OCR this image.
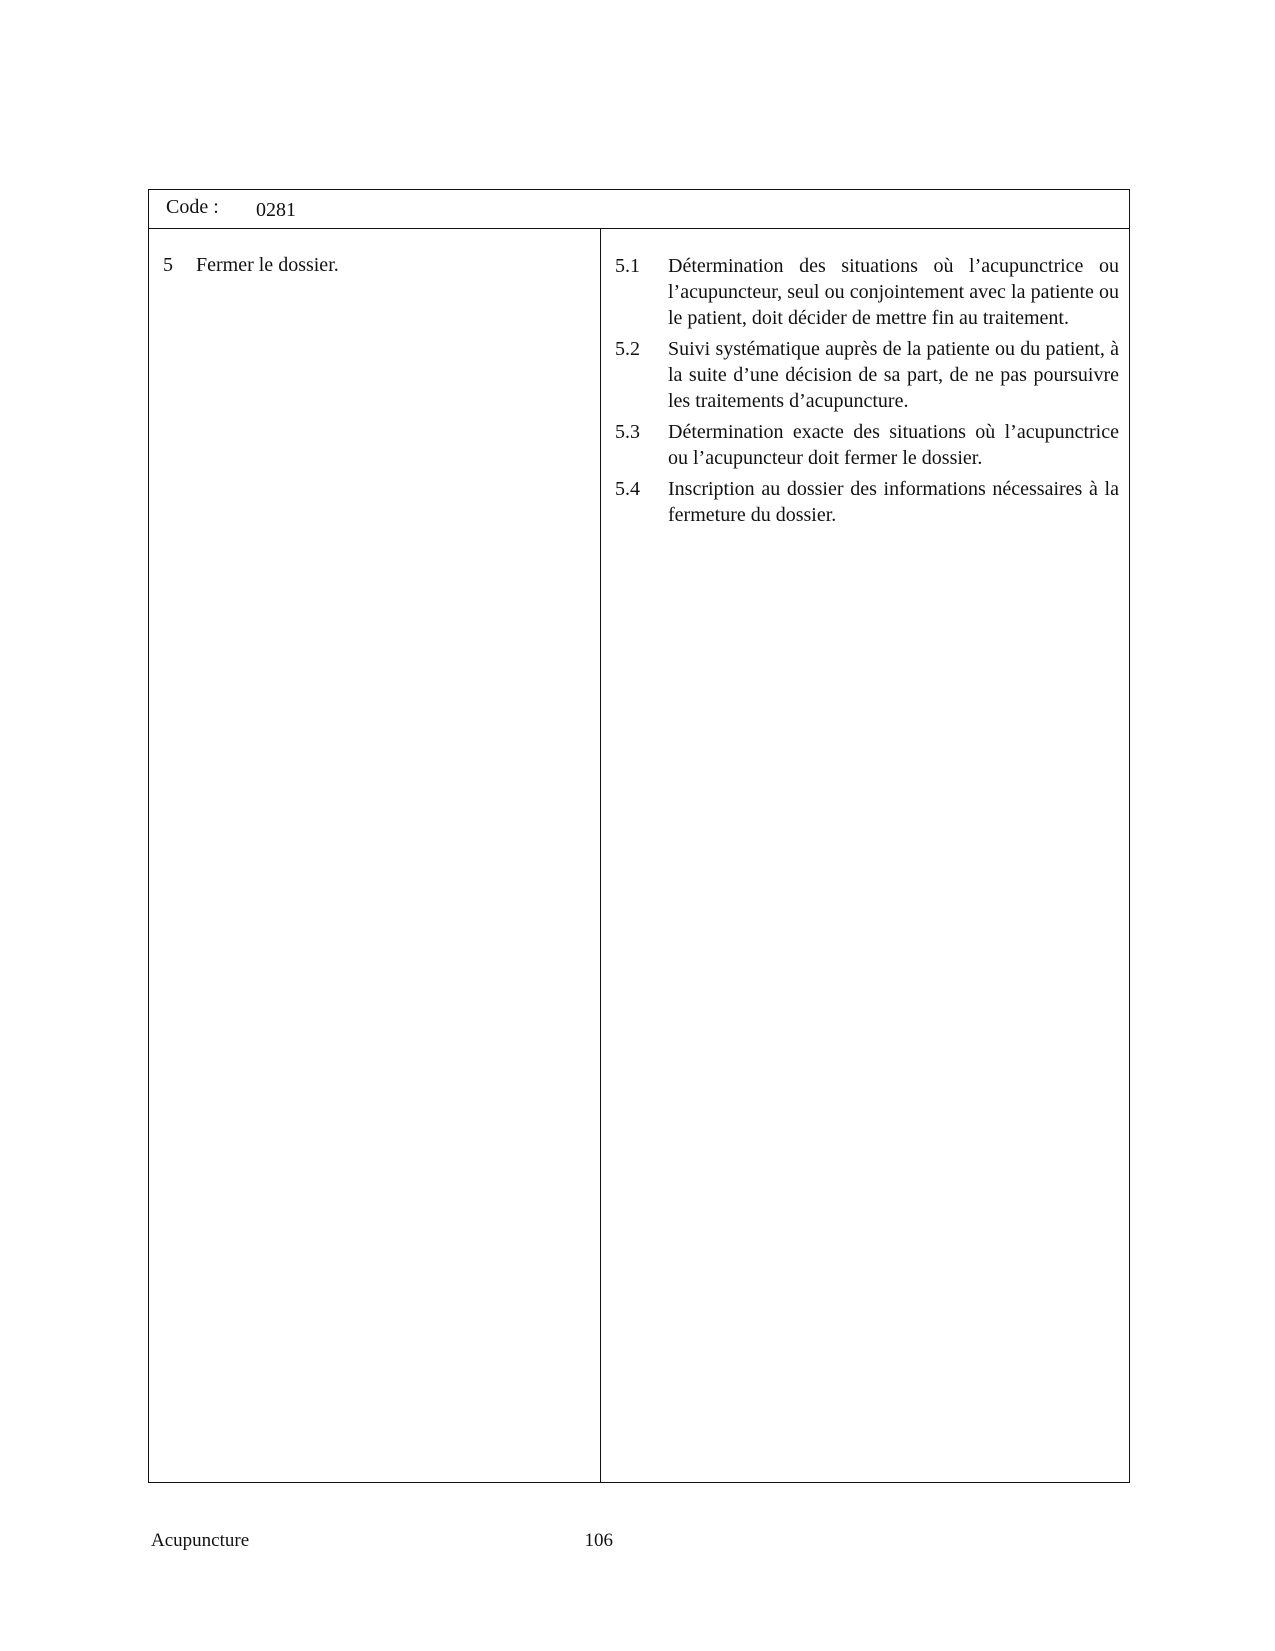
Code : 0281
5 Fermer le dossier.	5.1	Détermination des situations où l’acupunctrice ou l’acupuncteur, seul ou conjointement avec la patiente ou le patient, doit décider de mettre fin au traitement.
5.2	Suivi systématique auprès de la patiente ou du patient, à la suite d’une décision de sa part, de ne pas poursuivre les traitements d’acupuncture.
5.3	Détermination exacte des situations où l’acupunctrice ou l’acupuncteur doit fermer le dossier.
5.4	Inscription au dossier des informations nécessaires à la fermeture du dossier.
Acupuncture	106
